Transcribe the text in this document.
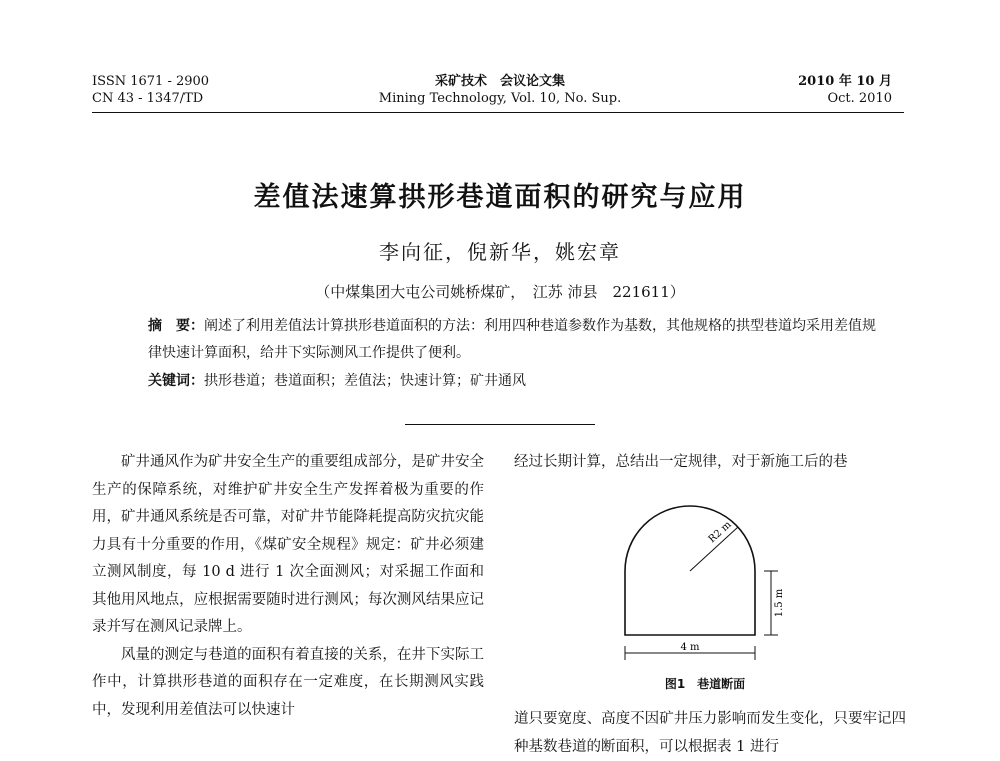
ISSN 1671 - 2900
CN 43 - 1347/TD
采矿技术　会议论文集
Mining Technology, Vol. 10, No. Sup.
2010 年 10 月
Oct. 2010
差值法速算拱形巷道面积的研究与应用
李向征，倪新华，姚宏章
（中煤集团大屯公司姚桥煤矿，　江苏 沛县　221611）
摘　要：阐述了利用差值法计算拱形巷道面积的方法：利用四种巷道参数作为基数，其他规格的拱型巷道均采用差值规律快速计算面积，给井下实际测风工作提供了便利。
关键词：拱形巷道；巷道面积；差值法；快速计算；矿井通风

矿井通风作为矿井安全生产的重要组成部分，是矿井安全生产的保障系统，对维护矿井安全生产发挥着极为重要的作用，矿井通风系统是否可靠，对矿井节能降耗提高防灾抗灾能力具有十分重要的作用，《煤矿安全规程》规定：矿井必须建立测风制度，每 10 d 进行 1 次全面测风；对采掘工作面和其他用风地点，应根据需要随时进行测风；每次测风结果应记录并写在测风记录牌上。

风量的测定与巷道的面积有着直接的关系，在井下实际工作中，计算拱形巷道的面积存在一定难度，在长期测风实践中，发现利用差值法可以快速计

经过长期计算，总结出一定规律，对于新施工后的巷
R2 m
1.5 m
4 m
图1　巷道断面
道只要宽度、高度不因矿井压力影响而发生变化，只要牢记四种基数巷道的断面积，可以根据表 1 进行
